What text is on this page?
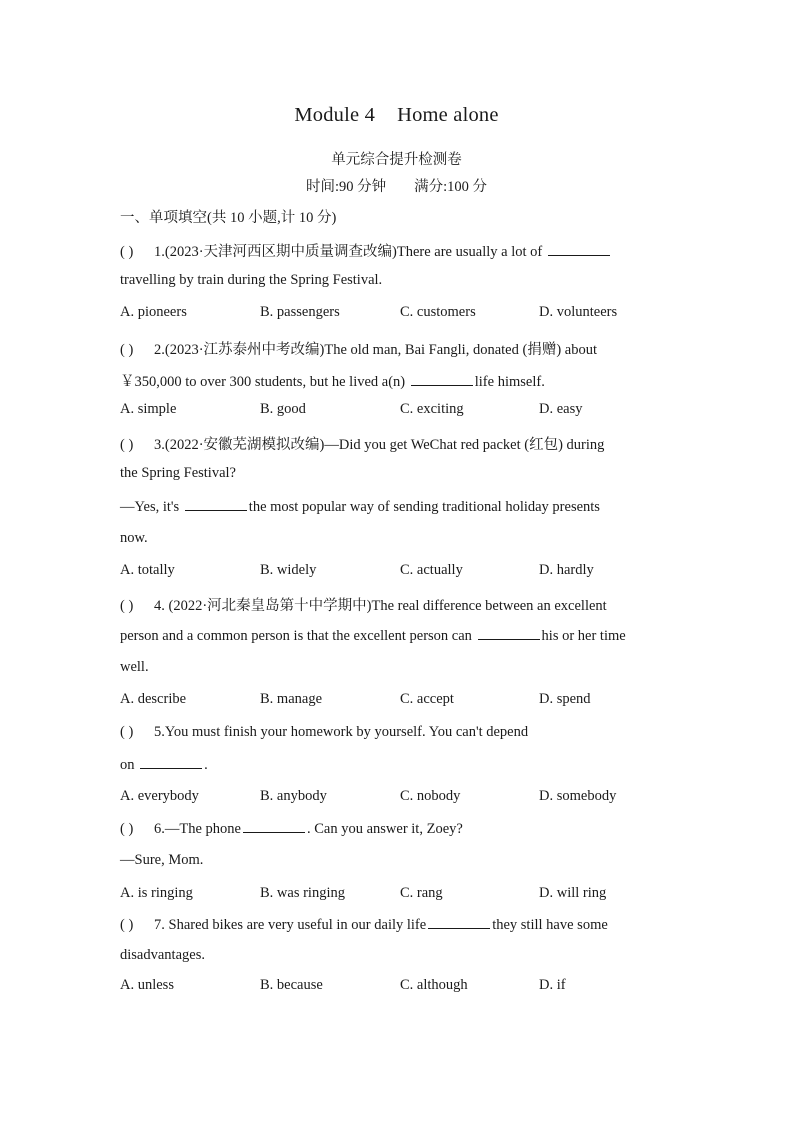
Module 4 Home alone
单元综合提升检测卷
时间:90 分钟 满分:100 分
一、单项填空(共 10 小题,计 10 分)
( ) 1.(2023·天津河西区期中质量调查改编)There are usually a lot of
travelling by train during the Spring Festival.
A. pioneers	B. passengers	C. customers	D. volunteers
( ) 2.(2023·江苏泰州中考改编)The old man, Bai Fangli, donated (捐赠) about
￥350,000 to over 300 students, but he lived a(n)	life himself.
A. simple	B. good	C. exciting	D. easy
( ) 3.(2022·安徽芜湖模拟改编)—Did you get WeChat red packet (红包) during
the Spring Festival?
—Yes, it's	the most popular way of sending traditional holiday presents
now.
A. totally	B. widely	C. actually	D. hardly
( ) 4. (2022·河北秦皇岛第十中学期中)The real difference between an excellent
person and a common person is that the excellent person can	his or her time
well.
A. describe	B. manage	C. accept	D. spend
( ) 5.You must finish your homework by yourself. You can't depend
on	.
A. everybody	B. anybody	C. nobody	D. somebody
( ) 6.—The phone	. Can you answer it, Zoey?
—Sure, Mom.
A. is ringing	B. was ringing	C. rang	D. will ring
( ) 7. Shared bikes are very useful in our daily life	they still have some
disadvantages.
A. unless	B. because	C. although	D. if
